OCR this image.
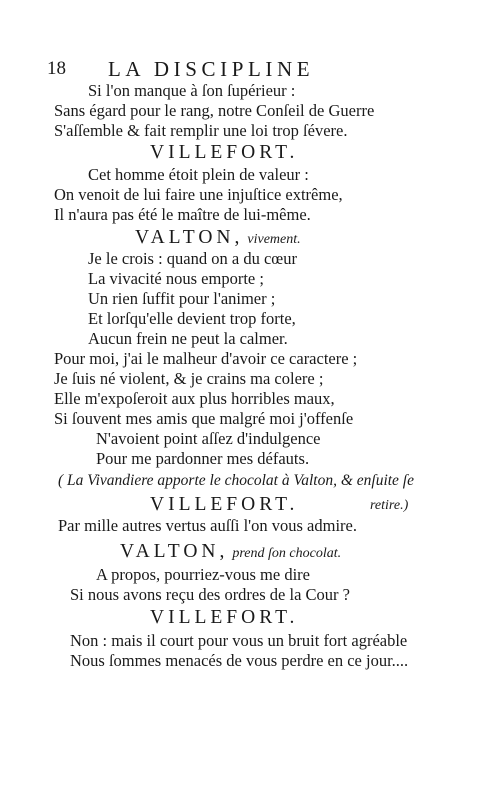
18 LA DISCIPLINE
Si l'on manque à ſon ſupérieur :
Sans égard pour le rang, notre Conſeil de Guerre
S'aſſemble & fait remplir une loi trop ſévere.
VILLEFORT.
Cet homme étoit plein de valeur :
On venoit de lui faire une injuſtice extrême,
Il n'aura pas été le maître de lui-même.
VALTON, vivement.
Je le crois : quand on a du cœur
La vivacité nous emporte ;
Un rien ſuffit pour l'animer ;
Et lorſqu'elle devient trop forte,
Aucun frein ne peut la calmer.
Pour moi, j'ai le malheur d'avoir ce caractere ;
Je ſuis né violent, & je crains ma colere ;
Elle m'expoſeroit aux plus horribles maux,
Si ſouvent mes amis que malgré moi j'offenſe
N'avoient point aſſez d'indulgence
Pour me pardonner mes défauts.
( La Vivandiere apporte le chocolat à Valton, & enſuite ſe
VILLEFORT.	retire.)
Par mille autres vertus auſſi l'on vous admire.
VALTON, prend ſon chocolat.
A propos, pourriez-vous me dire
Si nous avons reçu des ordres de la Cour ?
VILLEFORT.
Non : mais il court pour vous un bruit fort agréable
Nous ſommes menacés de vous perdre en ce jour....
